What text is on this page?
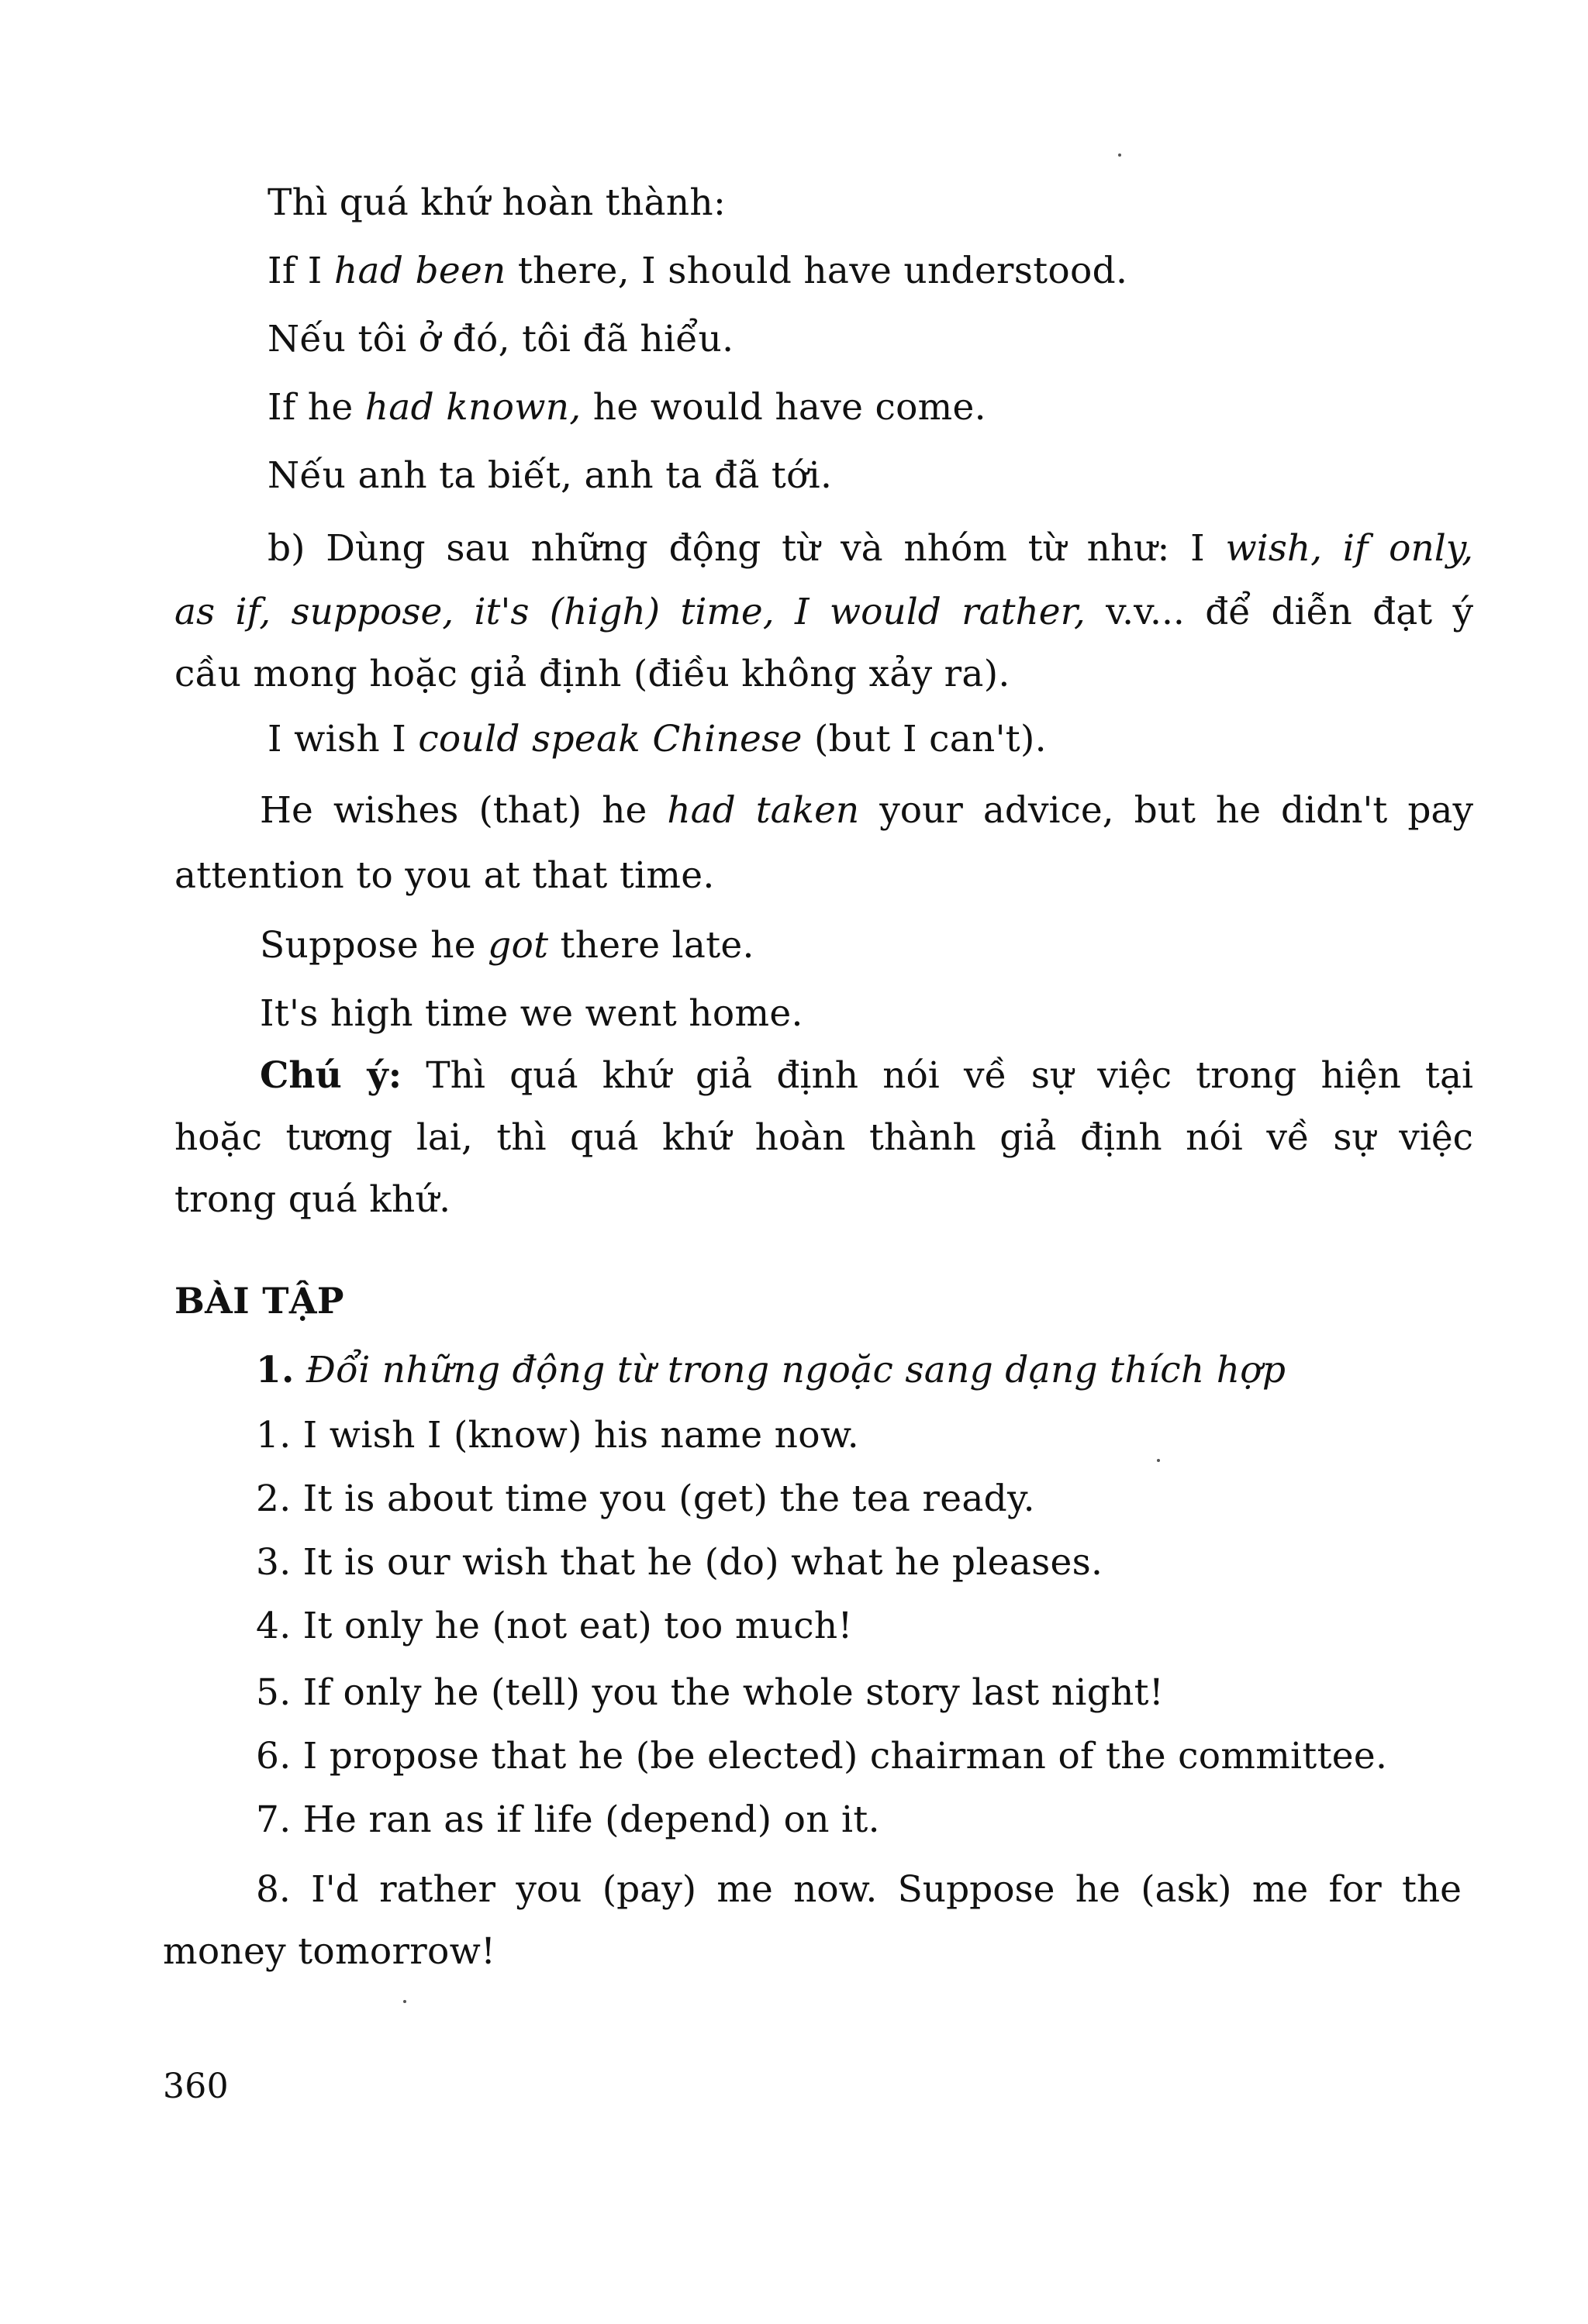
Thì quá khứ hoàn thành:
If I had been there, I should have understood.
Nếu tôi ở đó, tôi đã hiểu.
If he had known, he would have come.
Nếu anh ta biết, anh ta đã tới.
b) Dùng sau những động từ và nhóm từ như: I wish, if only,
as if, suppose, it's (high) time, I would rather, v.v... để diễn đạt ý
cầu mong hoặc giả định (điều không xảy ra).
I wish I could speak Chinese (but I can't).
He wishes (that) he had taken your advice, but he didn't pay
attention to you at that time.
Suppose he got there late.
It's high time we went home.
Chú ý: Thì quá khứ giả định nói về sự việc trong hiện tại
hoặc tương lai, thì quá khứ hoàn thành giả định nói về sự việc
trong quá khứ.
BÀI TẬP
1. Đổi những động từ trong ngoặc sang dạng thích hợp
1. I wish I (know) his name now.
2. It is about time you (get) the tea ready.
3. It is our wish that he (do) what he pleases.
4. It only he (not eat) too much!
5. If only he (tell) you the whole story last night!
6. I propose that he (be elected) chairman of the committee.
7. He ran as if life (depend) on it.
8. I'd rather you (pay) me now. Suppose he (ask) me for the
money tomorrow!
360
